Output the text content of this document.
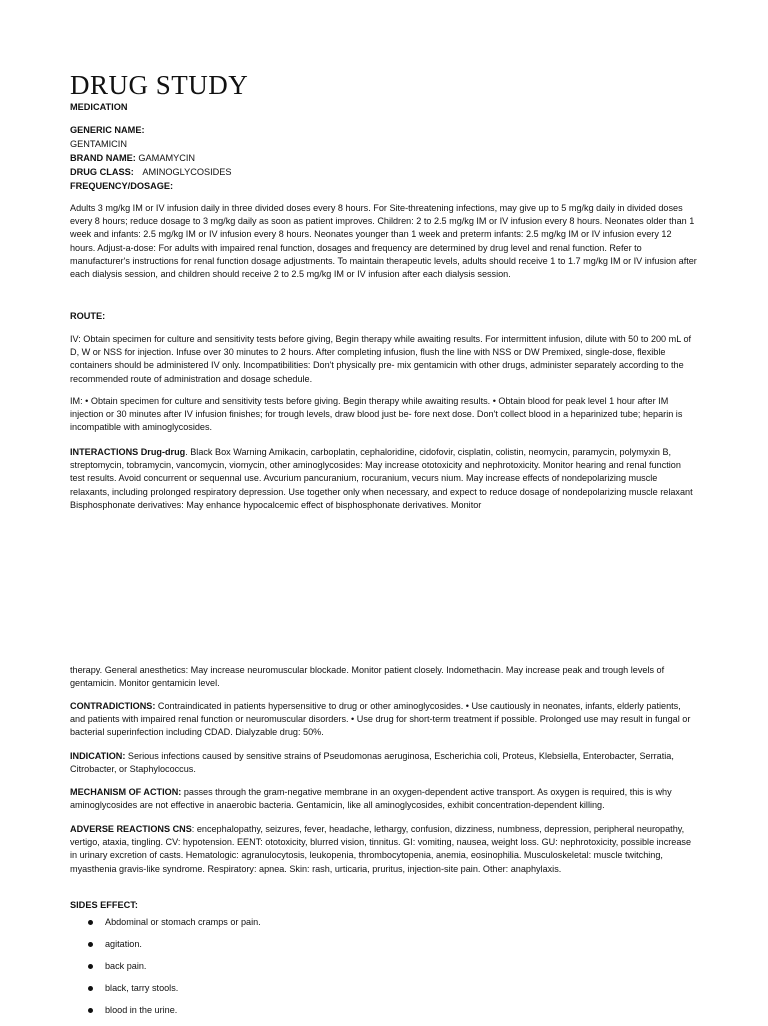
DRUG STUDY
MEDICATION
GENERIC NAME:
GENTAMICIN
BRAND NAME: GAMAMYCIN
DRUG CLASS: AMINOGLYCOSIDES
FREQUENCY/DOSAGE:
Adults 3 mg/kg IM or IV infusion daily in three divided doses every 8 hours. For Site-threatening infections, may give up to 5 mg/kg daily in divided doses every 8 hours; reduce dosage to 3 mg/kg daily as soon as patient improves. Children: 2 to 2.5 mg/kg IM or IV infusion every 8 hours. Neonates older than 1 week and infants: 2.5 mg/kg IM or IV infusion every 8 hours. Neonates younger than 1 week and preterm infants: 2.5 mg/kg IM or IV infusion every 12 hours. Adjust-a-dose: For adults with impaired renal function, dosages and frequency are determined by drug level and renal function. Refer to manufacturer's instructions for renal function dosage adjustments. To maintain therapeutic levels, adults should receive 1 to 1.7 mg/kg IM or IV infusion after each dialysis session, and children should receive 2 to 2.5 mg/kg IM or IV infusion after each dialysis session.
ROUTE:
IV: Obtain specimen for culture and sensitivity tests before giving, Begin therapy while awaiting results. For intermittent infusion, dilute with 50 to 200 mL of D, W or NSS for injection. Infuse over 30 minutes to 2 hours. After completing infusion, flush the line with NSS or DW Premixed, single-dose, flexible containers should be administered IV only. Incompatibilities: Don't physically pre- mix gentamicin with other drugs, administer separately according to the recommended route of administration and dosage schedule.
IM: • Obtain specimen for culture and sensitivity tests before giving. Begin therapy while awaiting results. • Obtain blood for peak level 1 hour after IM injection or 30 minutes after IV infusion finishes; for trough levels, draw blood just be- fore next dose. Don't collect blood in a heparinized tube; heparin is incompatible with aminoglycosides.
INTERACTIONS Drug-drug. Black Box Warning Amikacin, carboplatin, cephaloridine, cidofovir, cisplatin, colistin, neomycin, paramycin, polymyxin B, streptomycin, tobramycin, vancomycin, viomycin, other aminoglycosides: May increase ototoxicity and nephrotoxicity. Monitor hearing and renal function test results. Avoid concurrent or sequennal use. Avcurium pancuranium, rocuranium, vecurs nium. May increase effects of nondepolarizing muscle relaxants, including prolonged respiratory depression. Use together only when necessary, and expect to reduce dosage of nondepolarizing muscle relaxant Bisphosphonate derivatives: May enhance hypocalcemic effect of bisphosphonate derivatives. Monitor
therapy. General anesthetics: May increase neuromuscular blockade. Monitor patient closely. Indomethacin. May increase peak and trough levels of gentamicin. Monitor gentamicin level.
CONTRADICTIONS: Contraindicated in patients hypersensitive to drug or other aminoglycosides. • Use cautiously in neonates, infants, elderly patients, and patients with impaired renal function or neuromuscular disorders. • Use drug for short-term treatment if possible. Prolonged use may result in fungal or bacterial superinfection including CDAD. Dialyzable drug: 50%.
INDICATION: Serious infections caused by sensitive strains of Pseudomonas aeruginosa, Escherichia coli, Proteus, Klebsiella, Enterobacter, Serratia, Citrobacter, or Staphylococcus.
MECHANISM OF ACTION: passes through the gram-negative membrane in an oxygen-dependent active transport. As oxygen is required, this is why aminoglycosides are not effective in anaerobic bacteria. Gentamicin, like all aminoglycosides, exhibit concentration-dependent killing.
ADVERSE REACTIONS CNS: encephalopathy, seizures, fever, headache, lethargy, confusion, dizziness, numbness, depression, peripheral neuropathy, vertigo, ataxia, tingling. CV: hypotension. EENT: ototoxicity, blurred vision, tinnitus. GI: vomiting, nausea, weight loss. GU: nephrotoxicity, possible increase in urinary excretion of casts. Hematologic: agranulocytosis, leukopenia, thrombocytopenia, anemia, eosinophilia. Musculoskeletal: muscle twitching, myasthenia gravis-like syndrome. Respiratory: apnea. Skin: rash, urticaria, pruritus, injection-site pain. Other: anaphylaxis.
SIDES EFFECT:
Abdominal or stomach cramps or pain.
agitation.
back pain.
black, tarry stools.
blood in the urine.
